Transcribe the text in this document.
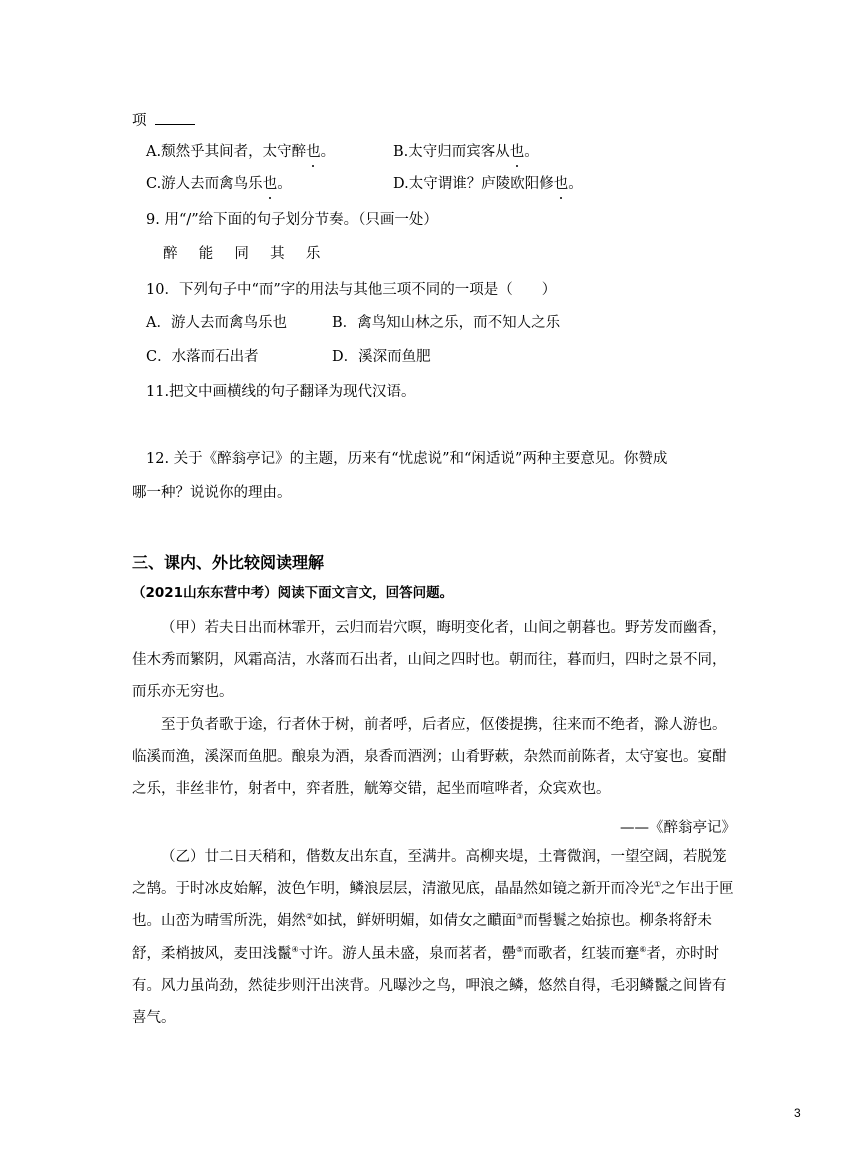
项
A.颓然乎其间者，太守醉也。	B.太守归而宾客从也。
C.游人去而禽鸟乐也。	D.太守谓谁？庐陵欧阳修也。
9. 用“/”给下面的句子划分节奏。（只画一处）
醉  能  同  其  乐
10．下列句子中“而”字的用法与其他三项不同的一项是（　　）
A．游人去而禽鸟乐也	B．禽鸟知山林之乐，而不知人之乐
C．水落而石出者	D．溪深而鱼肥
11.把文中画横线的句子翻译为现代汉语。
12. 关于《醉翁亭记》的主题，历来有“忧虑说”和“闲适说”两种主要意见。你赞成
哪一种？说说你的理由。
三、课内、外比较阅读理解
（2021山东东营中考）阅读下面文言文，回答问题。
（甲）若夫日出而林霏开，云归而岩穴暝，晦明变化者，山间之朝暮也。野芳发而幽香，佳木秀而繁阴，风霜高洁，水落而石出者，山间之四时也。朝而往，暮而归，四时之景不同，而乐亦无穷也。
至于负者歌于途，行者休于树，前者呼，后者应，伛偻提携，往来而不绝者，滁人游也。临溪而渔，溪深而鱼肥。酿泉为酒，泉香而酒洌；山肴野蔌，杂然而前陈者，太守宴也。宴酣之乐，非丝非竹，射者中，弈者胜，觥筹交错，起坐而喧哗者，众宾欢也。
——《醉翁亭记》
（乙）廿二日天稍和，偕数友出东直，至满井。高柳夹堤，土膏微润，一望空阔，若脱笼之鹄。于时冰皮始解，波色乍明，鳞浪层层，清澈见底，晶晶然如镜之新开而冷光①之乍出于匣也。山峦为晴雪所洗，娟然②如拭，鲜妍明媚，如倩女之靧面③而髻鬟之始掠也。柳条将舒未舒，柔梢披风，麦田浅鬣④寸许。游人虽未盛，泉而茗者，罍⑤而歌者，红装而蹇⑥者，亦时时有。风力虽尚劲，然徒步则汗出浃背。凡曝沙之鸟，呷浪之鳞，悠然自得，毛羽鳞鬣之间皆有喜气。
3
